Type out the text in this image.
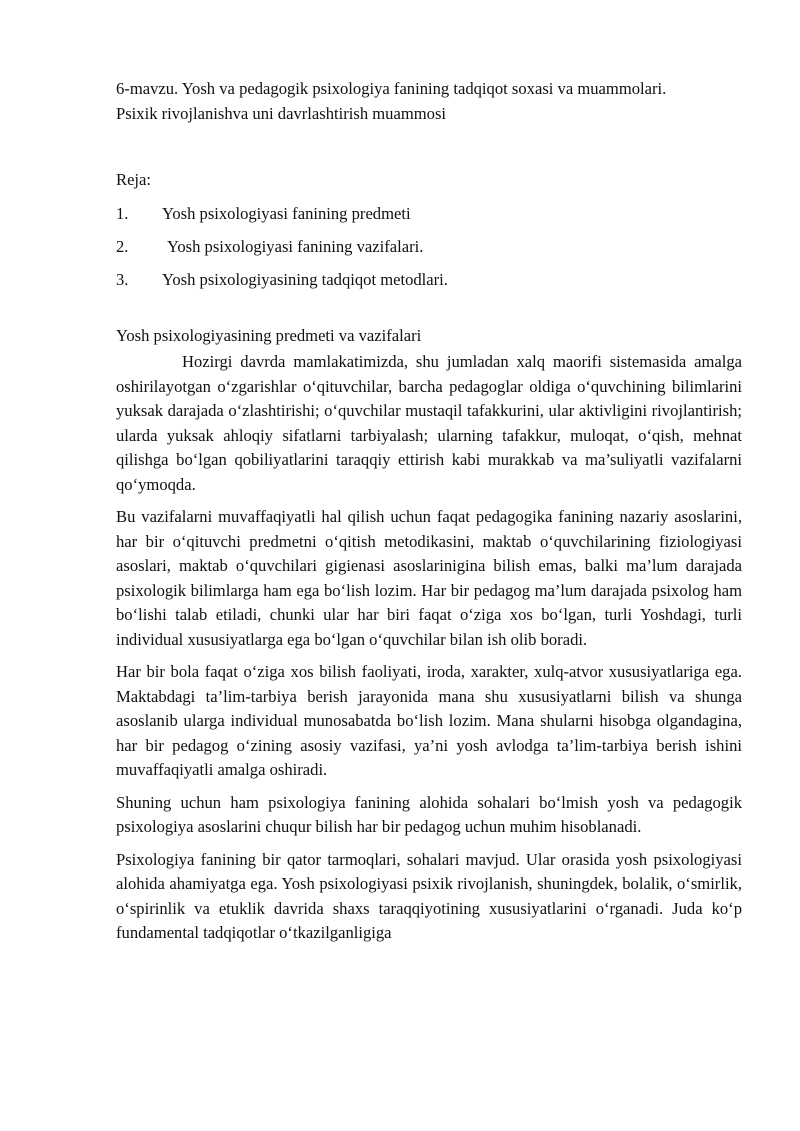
6-mavzu. Yosh va pedagogik psixologiya fanining tadqiqot soxasi va muammolari.

Psixik rivojlanishva uni davrlashtirish muammosi

Reja:

1.	Yosh psixologiyasi fanining predmeti
2.	Yosh psixologiyasi fanining vazifalari.
3.	Yosh psixologiyasining tadqiqot metodlari.

Yosh psixologiyasining predmeti va vazifalari

Hozirgi davrda mamlakatimizda, shu jumladan xalq maorifi sistemasida amalga oshirilayotgan o‘zgarishlar o‘qituvchilar, barcha pedagoglar oldiga o‘quvchining bilimlarini yuksak darajada o‘zlashtirishi; o‘quvchilar mustaqil tafakkurini, ular aktivligini rivojlantirish; ularda yuksak ahloqiy sifatlarni tarbiyalash; ularning tafakkur, muloqat, o‘qish, mehnat qilishga bo‘lgan qobiliyatlarini taraqqiy ettirish kabi murakkab va ma’suliyatli vazifalarni qo‘ymoqda.

Bu vazifalarni muvaffaqiyatli hal qilish uchun faqat pedagogika fanining nazariy asoslarini, har bir o‘qituvchi predmetni o‘qitish metodikasini, maktab o‘quvchilarining fiziologiyasi asoslari, maktab o‘quvchilari gigienasi asoslarinigina bilish emas, balki ma’lum darajada psixologik bilimlarga ham ega bo‘lish lozim. Har bir pedagog ma’lum darajada psixolog ham bo‘lishi talab etiladi, chunki ular har biri faqat o‘ziga xos bo‘lgan, turli Yoshdagi, turli individual xususiyatlarga ega bo‘lgan o‘quvchilar bilan ish olib boradi.

Har bir bola faqat o‘ziga xos bilish faoliyati, iroda, xarakter, xulq-atvor xususiyatlariga ega. Maktabdagi ta’lim-tarbiya berish jarayonida mana shu xususiyatlarni bilish va shunga asoslanib ularga individual munosabatda bo‘lish lozim. Mana shularni hisobga olgandagina, har bir pedagog o‘zining asosiy vazifasi, ya’ni yosh avlodga ta’lim-tarbiya berish ishini muvaffaqiyatli amalga oshiradi.

Shuning uchun ham psixologiya fanining alohida sohalari bo‘lmish yosh va pedagogik psixologiya asoslarini chuqur bilish har bir pedagog uchun muhim hisoblanadi.

Psixologiya fanining bir qator tarmoqlari, sohalari mavjud. Ular orasida yosh psixologiyasi alohida ahamiyatga ega. Yosh psixologiyasi psixik rivojlanish, shuningdek, bolalik, o‘smirlik, o‘spirinlik va etuklik davrida shaxs taraqqiyotining xususiyatlarini o‘rganadi. Juda ko‘p fundamental tadqiqotlar o‘tkazilganligiga
